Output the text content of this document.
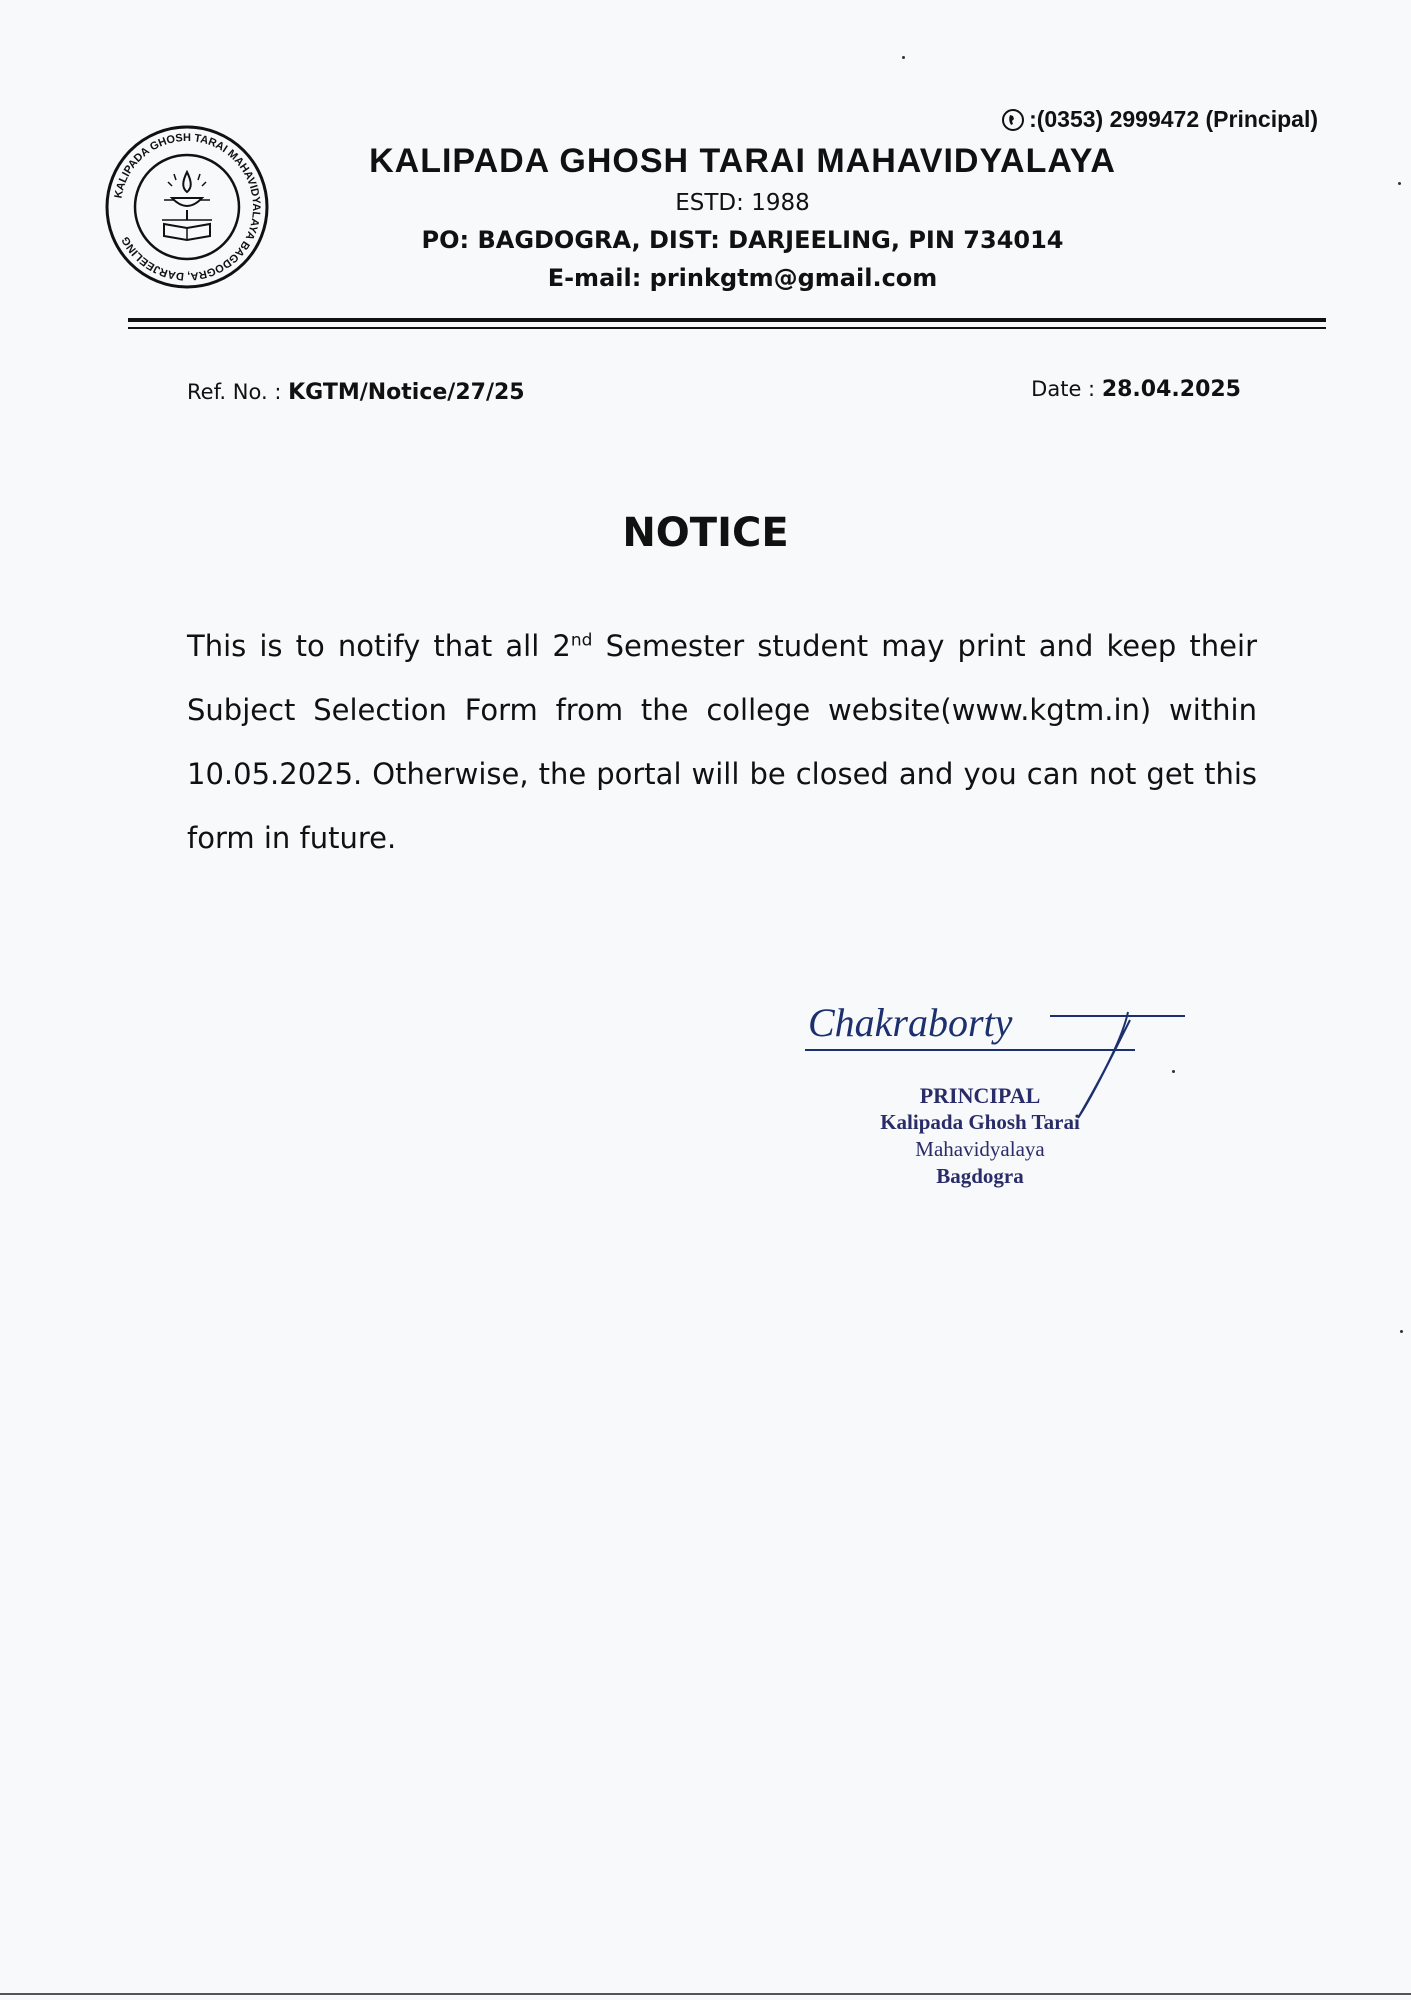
KALIPADA GHOSH TARAI MAHAVIDYALAYA BAGDOGRA, DARJEELING
:(0353) 2999472 (Principal)
KALIPADA GHOSH TARAI MAHAVIDYALAYA
ESTD: 1988
PO: BAGDOGRA, DIST: DARJEELING, PIN 734014
E-mail: prinkgtm@gmail.com
Ref. No. : KGTM/Notice/27/25	Date : 28.04.2025
NOTICE
This is to notify that all 2nd Semester student may print and keep their Subject Selection Form from the college website(www.kgtm.in) within 10.05.2025. Otherwise, the portal will be closed and you can not get this form in future.
Chakraborty
PRINCIPAL
Kalipada Ghosh Tarai
Mahavidyalaya
Bagdogra
